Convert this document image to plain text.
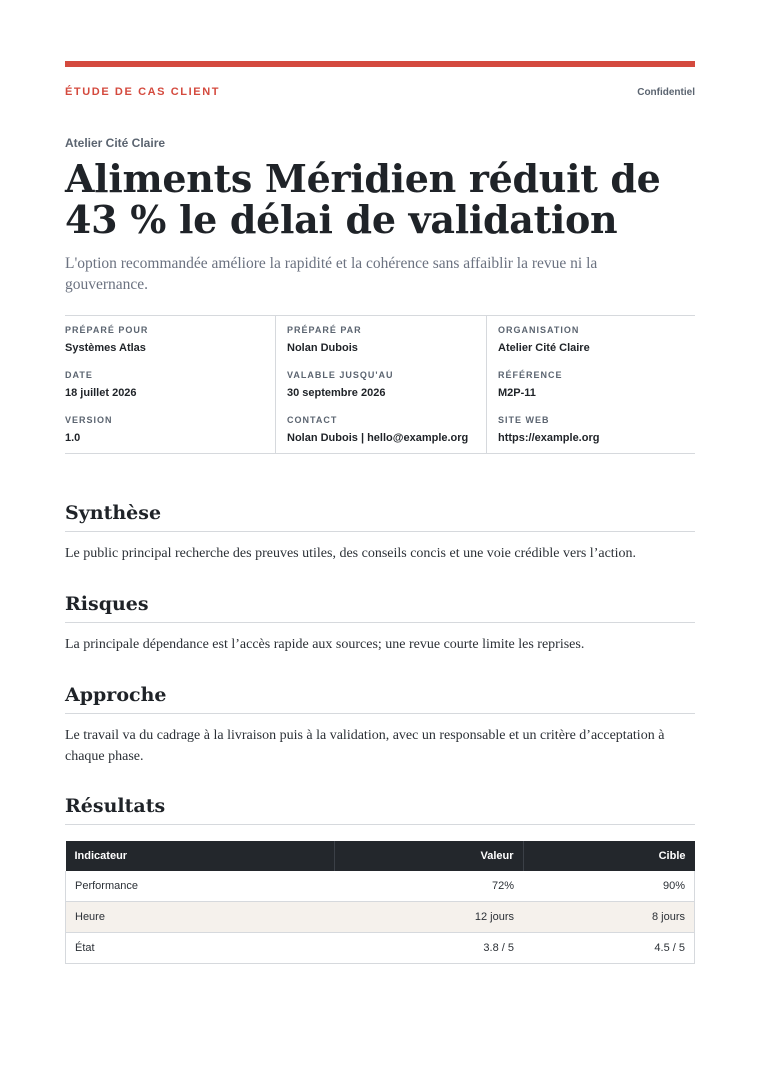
ÉTUDE DE CAS CLIENT	Confidentiel
Atelier Cité Claire
Aliments Méridien réduit de 43 % le délai de validation

L'option recommandée améliore la rapidité et la cohérence sans affaiblir la revue ni la gouvernance.

PRÉPARÉ POUR
Systèmes Atlas
DATE
18 juillet 2026
VERSION
1.0
PRÉPARÉ PAR
Nolan Dubois
VALABLE JUSQU'AU
30 septembre 2026
CONTACT
Nolan Dubois | hello@example.org
ORGANISATION
Atelier Cité Claire
RÉFÉRENCE
M2P-11
SITE WEB
https://example.org
Synthèse

Le public principal recherche des preuves utiles, des conseils concis et une voie crédible vers l’action.

Risques

La principale dépendance est l’accès rapide aux sources; une revue courte limite les reprises.

Approche

Le travail va du cadrage à la livraison puis à la validation, avec un responsable et un critère d’acceptation à chaque phase.

Résultats
Indicateur	Valeur	Cible
Performance	72%	90%
Heure	12 jours	8 jours
État	3.8 / 5	4.5 / 5
